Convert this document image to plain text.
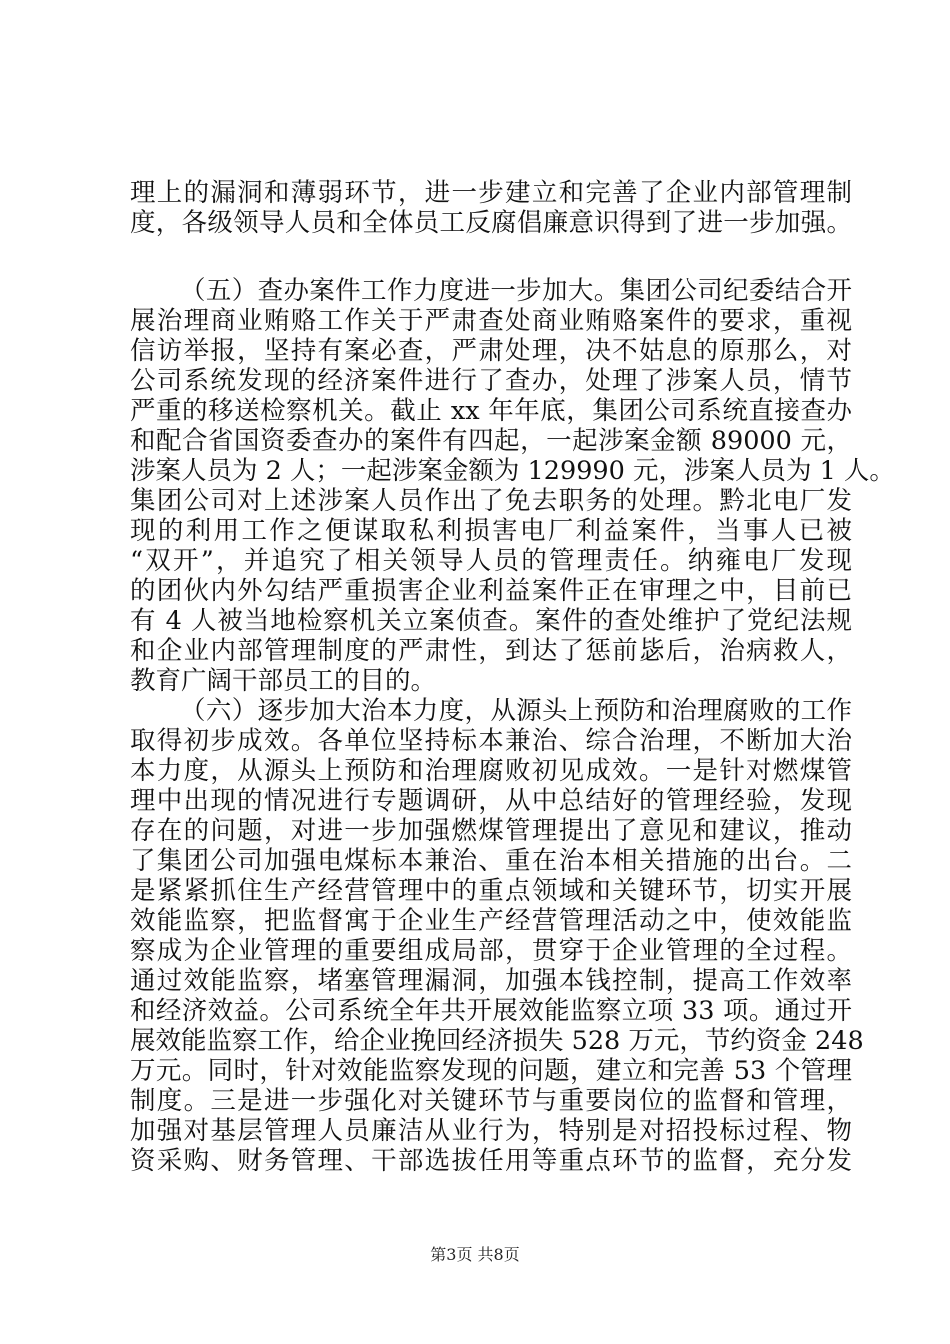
理上的漏洞和薄弱环节，进一步建立和完善了企业内部管理制
度，各级领导人员和全体员工反腐倡廉意识得到了进一步加强。
（五）查办案件工作力度进一步加大。集团公司纪委结合开
展治理商业贿赂工作关于严肃查处商业贿赂案件的要求，重视
信访举报，坚持有案必查，严肃处理，决不姑息的原那么，对
公司系统发现的经济案件进行了查办，处理了涉案人员，情节
严重的移送检察机关。截止 xx 年年底，集团公司系统直接查办
和配合省国资委查办的案件有四起，一起涉案金额 89000 元，
涉案人员为 2 人；一起涉案金额为 129990 元，涉案人员为 1 人。
集团公司对上述涉案人员作出了免去职务的处理。黔北电厂发
现的利用工作之便谋取私利损害电厂利益案件，当事人已被
“双开”，并追究了相关领导人员的管理责任。纳雍电厂发现
的团伙内外勾结严重损害企业利益案件正在审理之中，目前已
有 4 人被当地检察机关立案侦查。案件的查处维护了党纪法规
和企业内部管理制度的严肃性，到达了惩前毖后，治病救人，
教育广阔干部员工的目的。
（六）逐步加大治本力度，从源头上预防和治理腐败的工作
取得初步成效。各单位坚持标本兼治、综合治理，不断加大治
本力度，从源头上预防和治理腐败初见成效。一是针对燃煤管
理中出现的情况进行专题调研，从中总结好的管理经验，发现
存在的问题，对进一步加强燃煤管理提出了意见和建议，推动
了集团公司加强电煤标本兼治、重在治本相关措施的出台。二
是紧紧抓住生产经营管理中的重点领域和关键环节，切实开展
效能监察，把监督寓于企业生产经营管理活动之中，使效能监
察成为企业管理的重要组成局部，贯穿于企业管理的全过程。
通过效能监察，堵塞管理漏洞，加强本钱控制，提高工作效率
和经济效益。公司系统全年共开展效能监察立项 33 项。通过开
展效能监察工作，给企业挽回经济损失 528 万元，节约资金 248
万元。同时，针对效能监察发现的问题，建立和完善 53 个管理
制度。三是进一步强化对关键环节与重要岗位的监督和管理，
加强对基层管理人员廉洁从业行为，特别是对招投标过程、物
资采购、财务管理、干部选拔任用等重点环节的监督，充分发
第3页 共8页
